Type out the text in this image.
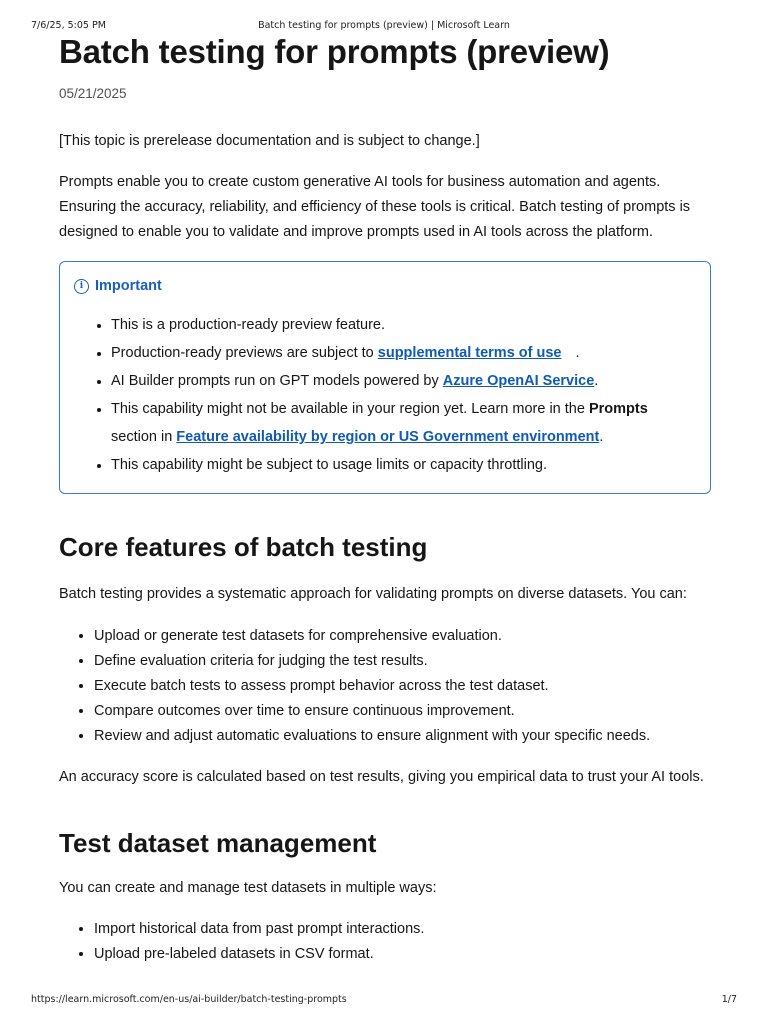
7/6/25, 5:05 PM	Batch testing for prompts (preview) | Microsoft Learn
Batch testing for prompts (preview)
05/21/2025

[This topic is prerelease documentation and is subject to change.]

Prompts enable you to create custom generative AI tools for business automation and agents. Ensuring the accuracy, reliability, and efficiency of these tools is critical. Batch testing of prompts is designed to enable you to validate and improve prompts used in AI tools across the platform.

i Important
• This is a production-ready preview feature.
• Production-ready previews are subject to supplemental terms of use .
• AI Builder prompts run on GPT models powered by Azure OpenAI Service.
• This capability might not be available in your region yet. Learn more in the Prompts section in Feature availability by region or US Government environment.
• This capability might be subject to usage limits or capacity throttling.
Core features of batch testing

Batch testing provides a systematic approach for validating prompts on diverse datasets. You can:

• Upload or generate test datasets for comprehensive evaluation.
• Define evaluation criteria for judging the test results.
• Execute batch tests to assess prompt behavior across the test dataset.
• Compare outcomes over time to ensure continuous improvement.
• Review and adjust automatic evaluations to ensure alignment with your specific needs.

An accuracy score is calculated based on test results, giving you empirical data to trust your AI tools.

Test dataset management

You can create and manage test datasets in multiple ways:

• Import historical data from past prompt interactions.
• Upload pre-labeled datasets in CSV format.
https://learn.microsoft.com/en-us/ai-builder/batch-testing-prompts	1/7
